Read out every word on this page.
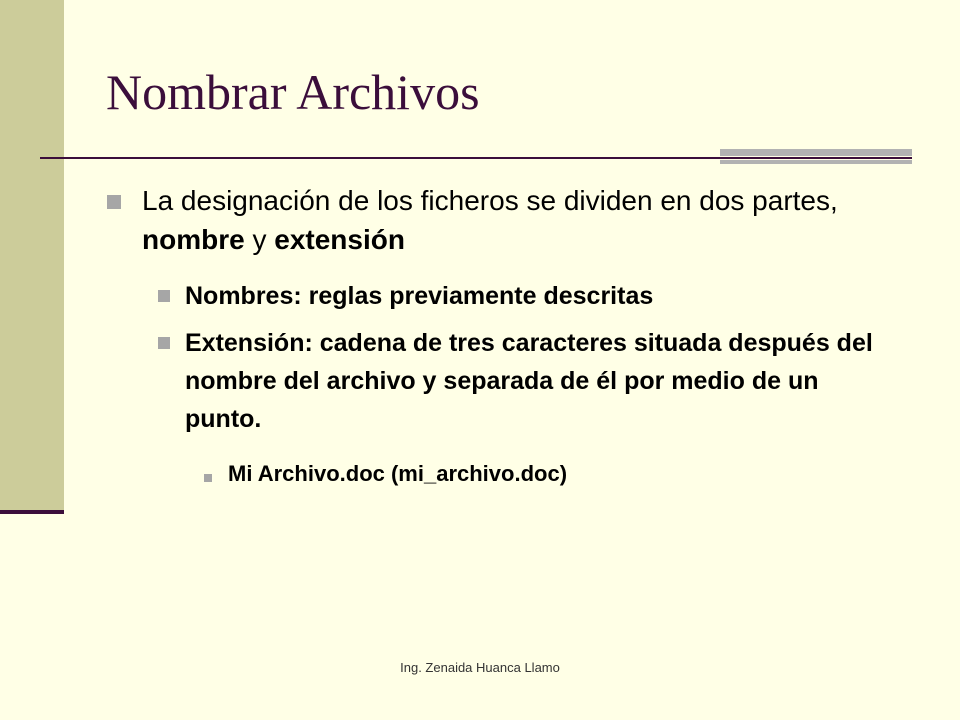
Nombrar Archivos

La designación de los ficheros se dividen en dos partes, nombre y extensión

Nombres: reglas previamente descritas

Extensión: cadena de tres caracteres situada después del nombre del archivo y separada de él por medio de un punto.

Mi Archivo.doc (mi_archivo.doc)

Ing. Zenaida Huanca Llamo
